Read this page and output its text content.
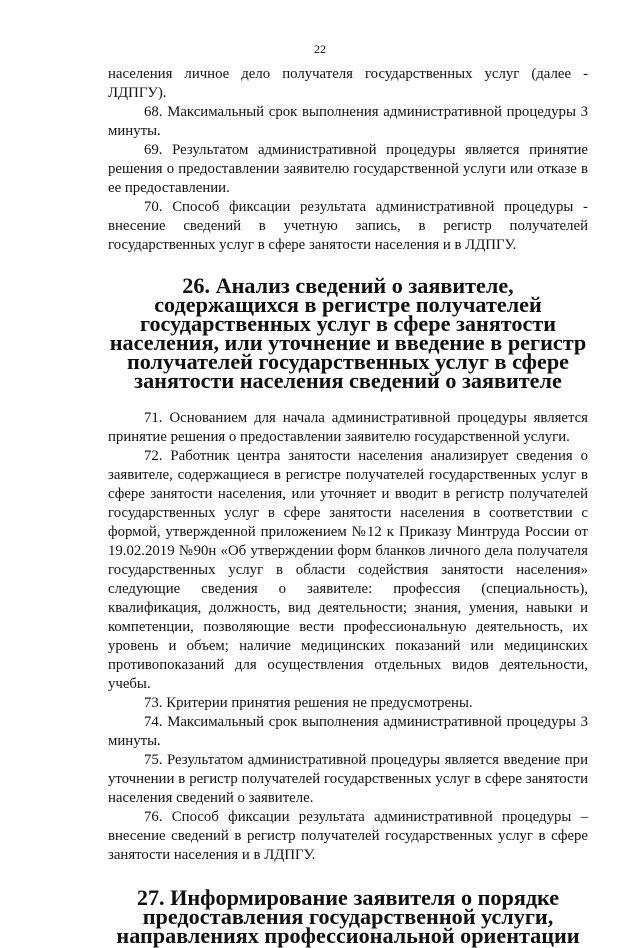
22

населения личное дело получателя государственных услуг (далее - ЛДПГУ).

68. Максимальный срок выполнения административной процедуры 3 минуты.

69. Результатом административной процедуры является принятие решения о предоставлении заявителю государственной услуги или отказе в ее предоставлении.

70. Способ фиксации результата административной процедуры - внесение сведений в учетную запись, в регистр получателей государственных услуг в сфере занятости населения и в ЛДПГУ.

26. Анализ сведений о заявителе, содержащихся в регистре получателей государственных услуг в сфере занятости населения, или уточнение и введение в регистр получателей государственных услуг в сфере занятости населения сведений о заявителе

71. Основанием для начала административной процедуры является принятие решения о предоставлении заявителю государственной услуги.

72. Работник центра занятости населения анализирует сведения о заявителе, содержащиеся в регистре получателей государственных услуг в сфере занятости населения, или уточняет и вводит в регистр получателей государственных услуг в сфере занятости населения в соответствии с формой, утвержденной приложением №12 к Приказу Минтруда России от 19.02.2019 №90н «Об утверждении форм бланков личного дела получателя государственных услуг в области содействия занятости населения» следующие сведения о заявителе: профессия (специальность), квалификация, должность, вид деятельности; знания, умения, навыки и компетенции, позволяющие вести профессиональную деятельность, их уровень и объем; наличие медицинских показаний или медицинских противопоказаний для осуществления отдельных видов деятельности, учебы.

73. Критерии принятия решения не предусмотрены.

74. Максимальный срок выполнения административной процедуры 3 минуты.

75. Результатом административной процедуры является введение при уточнении в регистр получателей государственных услуг в сфере занятости населения сведений о заявителе.

76. Способ фиксации результата административной процедуры – внесение сведений в регистр получателей государственных услуг в сфере занятости населения и в ЛДПГУ.

27. Информирование заявителя о порядке предоставления государственной услуги, направлениях профессиональной ориентации
